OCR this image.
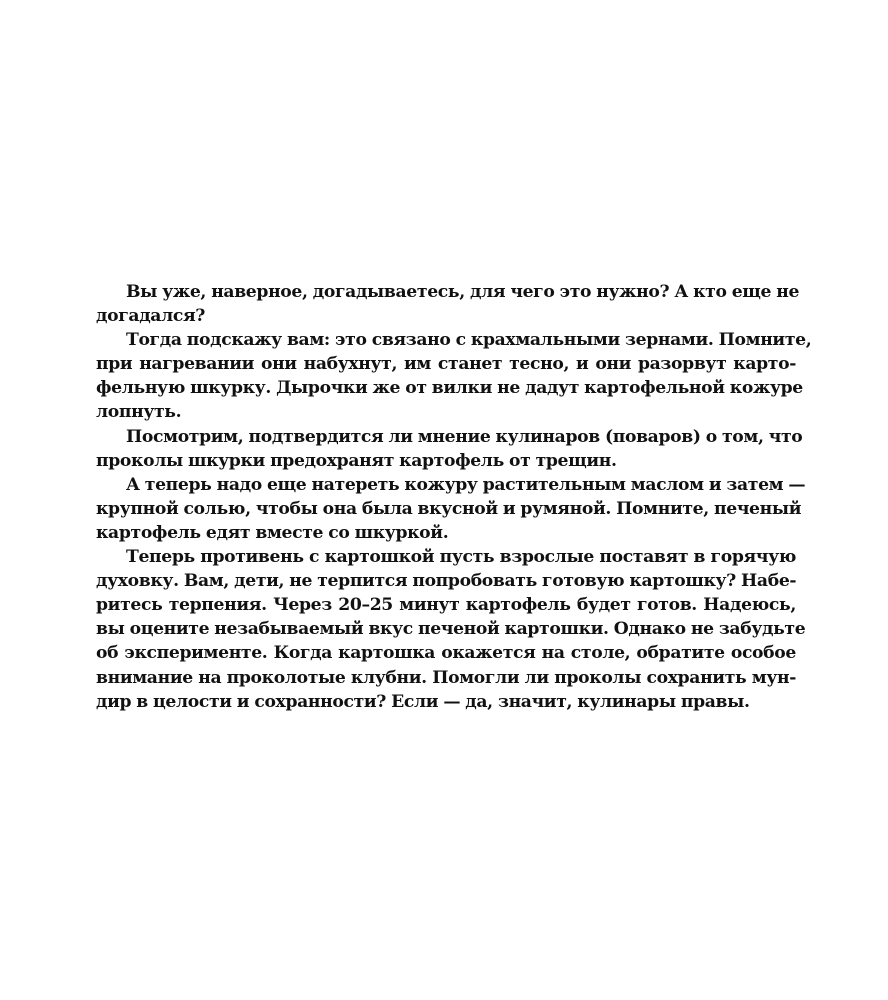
Вы уже, наверное, догадываетесь, для чего это нужно? А кто еще не
догадался?
Тогда подскажу вам: это связано с крахмальными зернами. Помните,
при нагревании они набухнут, им станет тесно, и они разорвут карто-
фельную шкурку. Дырочки же от вилки не дадут картофельной кожуре
лопнуть.
Посмотрим, подтвердится ли мнение кулинаров (поваров) о том, что
проколы шкурки предохранят картофель от трещин.
А теперь надо еще натереть кожуру растительным маслом и затем —
крупной солью, чтобы она была вкусной и румяной. Помните, печеный
картофель едят вместе со шкуркой.
Теперь противень с картошкой пусть взрослые поставят в горячую
духовку. Вам, дети, не терпится попробовать готовую картошку? Набе-
ритесь терпения. Через 20–25 минут картофель будет готов. Надеюсь,
вы оцените незабываемый вкус печеной картошки. Однако не забудьте
об эксперименте. Когда картошка окажется на столе, обратите особое
внимание на проколотые клубни. Помогли ли проколы сохранить мун-
дир в целости и сохранности? Если — да, значит, кулинары правы.
